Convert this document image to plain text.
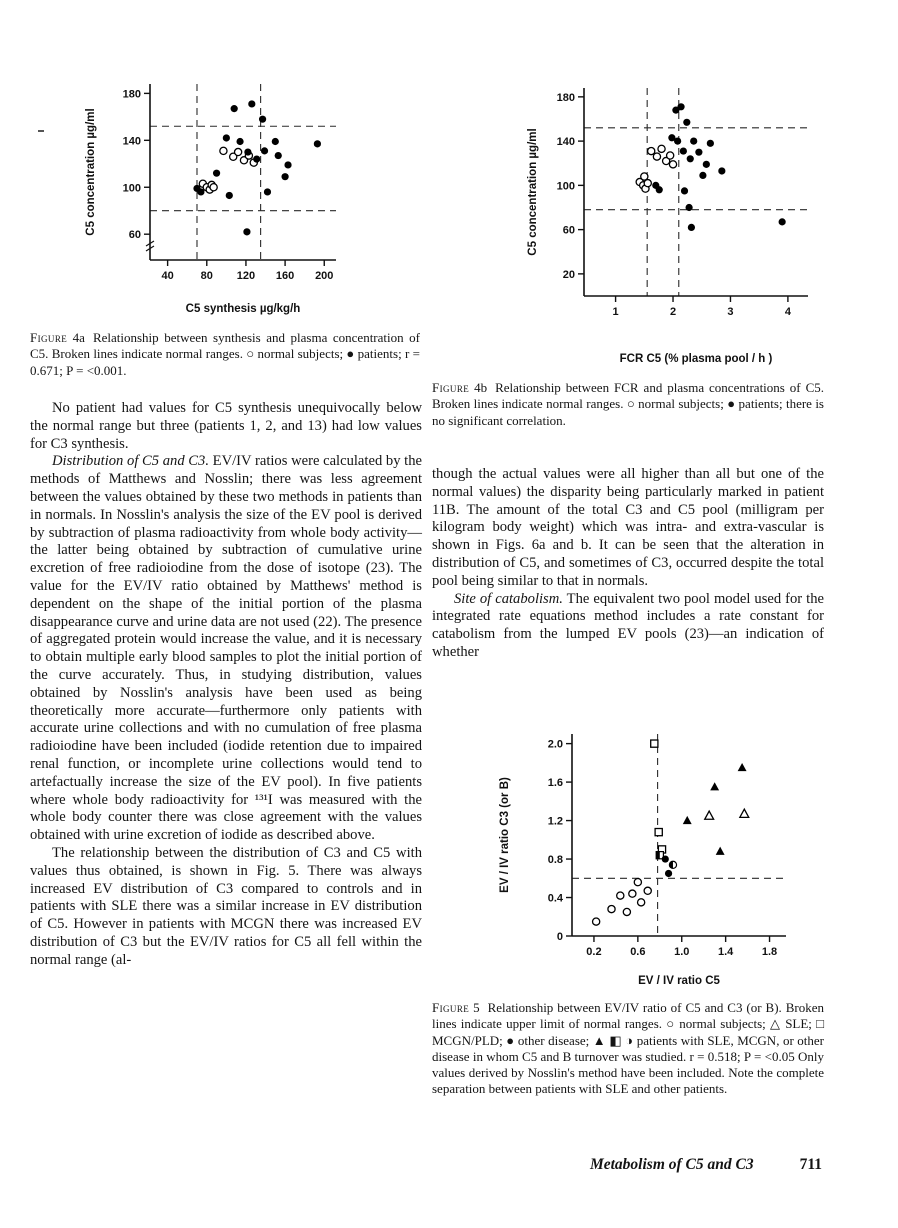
60
100
140
180
40 80 120 160 200
C5 synthesis µg/kg/h
C5 concentration µg/ml

Figure 4a Relationship between synthesis and plasma concentration of C5. Broken lines indicate normal ranges. ○ normal subjects; ● patients; r = 0.671; P = <0.001.

20
60
100
140
180
1	2	3	4
FCR C5 (% plasma pool / h )
C5 concentration µg/ml

Figure 4b Relationship between FCR and plasma concentrations of C5. Broken lines indicate normal ranges. ○ normal subjects; ● patients; there is no significant correlation.

No patient had values for C5 synthesis unequivocally below the normal range but three (patients 1, 2, and 13) had low values for C3 synthesis.

Distribution of C5 and C3. EV/IV ratios were calculated by the methods of Matthews and Nosslin; there was less agreement between the values obtained by these two methods in patients than in normals. In Nosslin's analysis the size of the EV pool is derived by subtraction of plasma radioactivity from whole body activity—the latter being obtained by subtraction of cumulative urine excretion of free radioiodine from the dose of isotope (23). The value for the EV/IV ratio obtained by Matthews' method is dependent on the shape of the initial portion of the plasma disappearance curve and urine data are not used (22). The presence of aggregated protein would increase the value, and it is necessary to obtain multiple early blood samples to plot the initial portion of the curve accurately. Thus, in studying distribution, values obtained by Nosslin's analysis have been used as being theoretically more accurate—furthermore only patients with accurate urine collections and with no cumulation of free plasma radioiodine have been included (iodide retention due to impaired renal function, or incomplete urine collections would tend to artefactually increase the size of the EV pool). In five patients where whole body radioactivity for ¹³¹I was measured with the whole body counter there was close agreement with the values obtained with urine excretion of iodide as described above.

The relationship between the distribution of C3 and C5 with values thus obtained, is shown in Fig. 5. There was always increased EV distribution of C3 compared to controls and in patients with SLE there was a similar increase in EV distribution of C5. However in patients with MCGN there was increased EV distribution of C3 but the EV/IV ratios for C5 all fell within the normal range (al-

though the actual values were all higher than all but one of the normal values) the disparity being particularly marked in patient 11B. The amount of the total C3 and C5 pool (milligram per kilogram body weight) which was intra- and extra-vascular is shown in Figs. 6a and b. It can be seen that the alteration in distribution of C5, and sometimes of C3, occurred despite the total pool being similar to that in normals.

Site of catabolism. The equivalent two pool model used for the integrated rate equations method includes a rate constant for catabolism from the lumped EV pools (23)—an indication of whether

0
0.4
0.8
1.2
1.6
2.0
0.2	0.6	1.0	1.4	1.8
EV / IV ratio C5
EV / IV ratio C3 (or B)

Figure 5 Relationship between EV/IV ratio of C5 and C3 (or B). Broken lines indicate upper limit of normal ranges. ○ normal subjects; △ SLE; □ MCGN/PLD; ● other disease; ▲ ◧ ◑ patients with SLE, MCGN, or other disease in whom C5 and B turnover was studied. r = 0.518; P = <0.05 Only values derived by Nosslin's method have been included. Note the complete separation between patients with SLE and other patients.

Metabolism of C5 and C3	711
